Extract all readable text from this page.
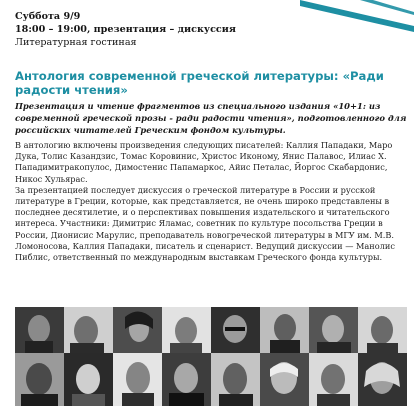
Суббота 9/9
18:00 – 19:00, презентация – дискуссия
Литературная гостиная
Антология современной греческой литературы: «Ради радости чтения»
Презентация и чтение фрагментов из специального издания «10+1: из современной греческой прозы - ради радости чтения», подготовленного для российских читателей Греческим фондом культуры.

В антологию включены произведения следующих писателей: Каллия Пападаки, Маро Дука, Толис Казандзис, Томас Коровинис, Христос Икономy, Янис Палавос, Илиас Х. Пападимитракопулос, Димостенис Папамаркос, Айис Петалас, Йоргос Скабардонис, Никос Хульярас.

За презентацией последует дискуссия о греческой литературе в России и русской литературе в Греции, которые, как представляется, не очень широко представлены в последнее десятилетие, и о перспективах повышения издательского и читательского интереса. Участники: Димитрис Яламас, советник по культуре посольства Греции в России, Дионисис Марулис, преподаватель новогреческой литературы в МГУ им. М.В. Ломоносова, Каллия Пападаки, писатель и сценарист. Ведущий дискуссии — Манолис Пиблис, ответственный по международным выставкам Греческого фонда культуры.
